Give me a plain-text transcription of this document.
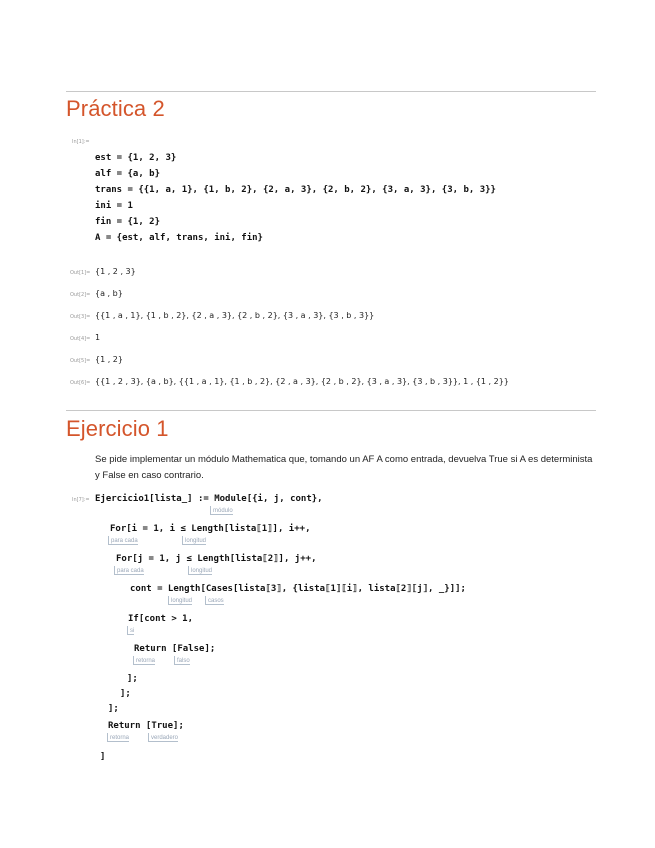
Práctica 2
In[1]:=
est = {1, 2, 3}
alf = {a, b}
trans = {{1, a, 1}, {1, b, 2}, {2, a, 3}, {2, b, 2}, {3, a, 3}, {3, b, 3}}
ini = 1
fin = {1, 2}
A = {est, alf, trans, ini, fin}
Out[1]= {1 , 2 , 3}
Out[2]= {a , b}
Out[3]= {{1 , a , 1}, {1 , b , 2}, {2 , a , 3}, {2 , b , 2}, {3 , a , 3}, {3 , b , 3}}
Out[4]= 1
Out[5]= {1 , 2}
Out[6]= {{1 , 2 , 3}, {a , b}, {{1 , a , 1}, {1 , b , 2}, {2 , a , 3}, {2 , b , 2}, {3 , a , 3}, {3 , b , 3}}, 1 , {1 , 2}}
Ejercicio 1

Se pide implementar un módulo Mathematica que, tomando un AF A como entrada, devuelva True si A es determinista y False en caso contrario.

In[7]:= Ejercicio1[lista_] := Module[{i, j, cont},
módulo
For[i = 1, i ≤ Length[lista⟦1⟧], i++,
para cada	longitud
For[j = 1, j ≤ Length[lista⟦2⟧], j++,
para cada	longitud
cont = Length[Cases[lista⟦3⟧, {lista⟦1⟧⟦i⟧, lista⟦2⟧⟦j⟧, _}]];
longitud	casos
If[cont > 1,
si
Return [False];
retorna	falso
];
];
];
Return [True];
retorna	verdadero
]
